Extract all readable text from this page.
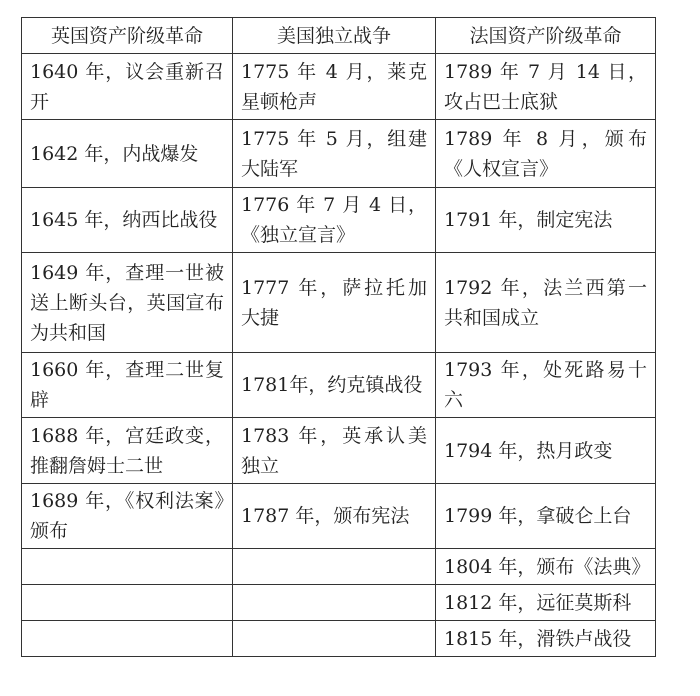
英国资产阶级革命	美国独立战争	法国资产阶级革命
1640 年，议会重新召开	1775 年 4 月，莱克星顿枪声	1789 年 7 月 14 日，攻占巴士底狱
1642 年，内战爆发	1775 年 5 月，组建大陆军	1789 年 8 月，颁布《人权宣言》
1645 年，纳西比战役	1776 年 7 月 4 日，《独立宣言》	1791 年，制定宪法
1649 年，查理一世被送上断头台，英国宣布为共和国	1777 年，萨拉托加大捷	1792 年，法兰西第一共和国成立
1660 年，查理二世复辟	1781年，约克镇战役	1793 年，处死路易十六
1688 年，宫廷政变，推翻詹姆士二世	1783 年，英承认美独立	1794 年，热月政变
1689 年，《权利法案》颁布	1787 年，颁布宪法	1799 年，拿破仑上台
		1804 年，颁布《法典》
		1812 年，远征莫斯科
		1815 年，滑铁卢战役
